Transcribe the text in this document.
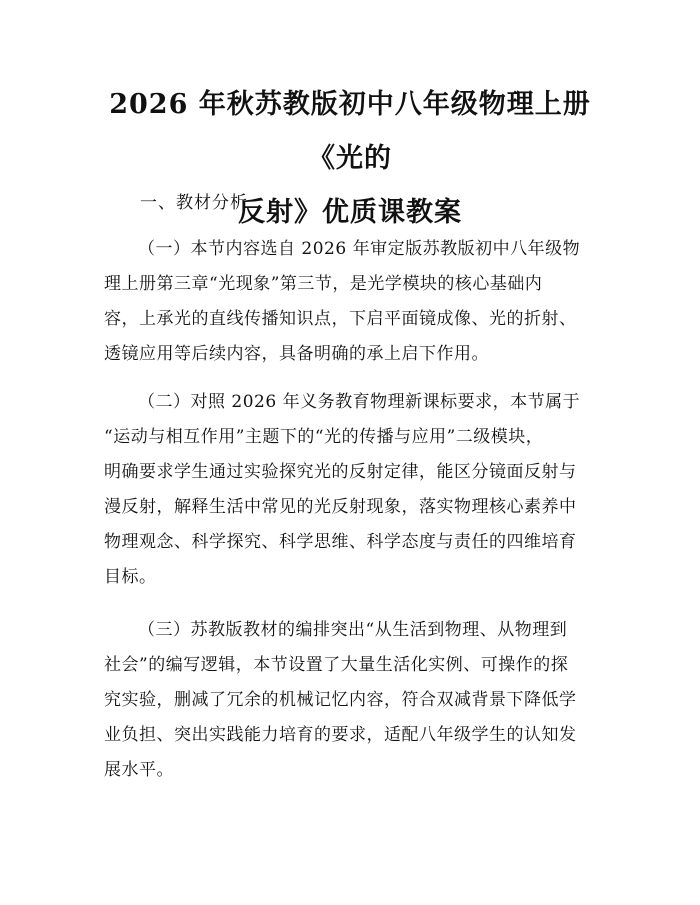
2026 年秋苏教版初中八年级物理上册《光的
反射》优质课教案
一、教材分析
（一）本节内容选自 2026 年审定版苏教版初中八年级物
理上册第三章“光现象”第三节，是光学模块的核心基础内
容，上承光的直线传播知识点，下启平面镜成像、光的折射、
透镜应用等后续内容，具备明确的承上启下作用。
（二）对照 2026 年义务教育物理新课标要求，本节属于
“运动与相互作用”主题下的“光的传播与应用”二级模块，
明确要求学生通过实验探究光的反射定律，能区分镜面反射与
漫反射，解释生活中常见的光反射现象，落实物理核心素养中
物理观念、科学探究、科学思维、科学态度与责任的四维培育
目标。
（三）苏教版教材的编排突出“从生活到物理、从物理到
社会”的编写逻辑，本节设置了大量生活化实例、可操作的探
究实验，删减了冗余的机械记忆内容，符合双减背景下降低学
业负担、突出实践能力培育的要求，适配八年级学生的认知发
展水平。
